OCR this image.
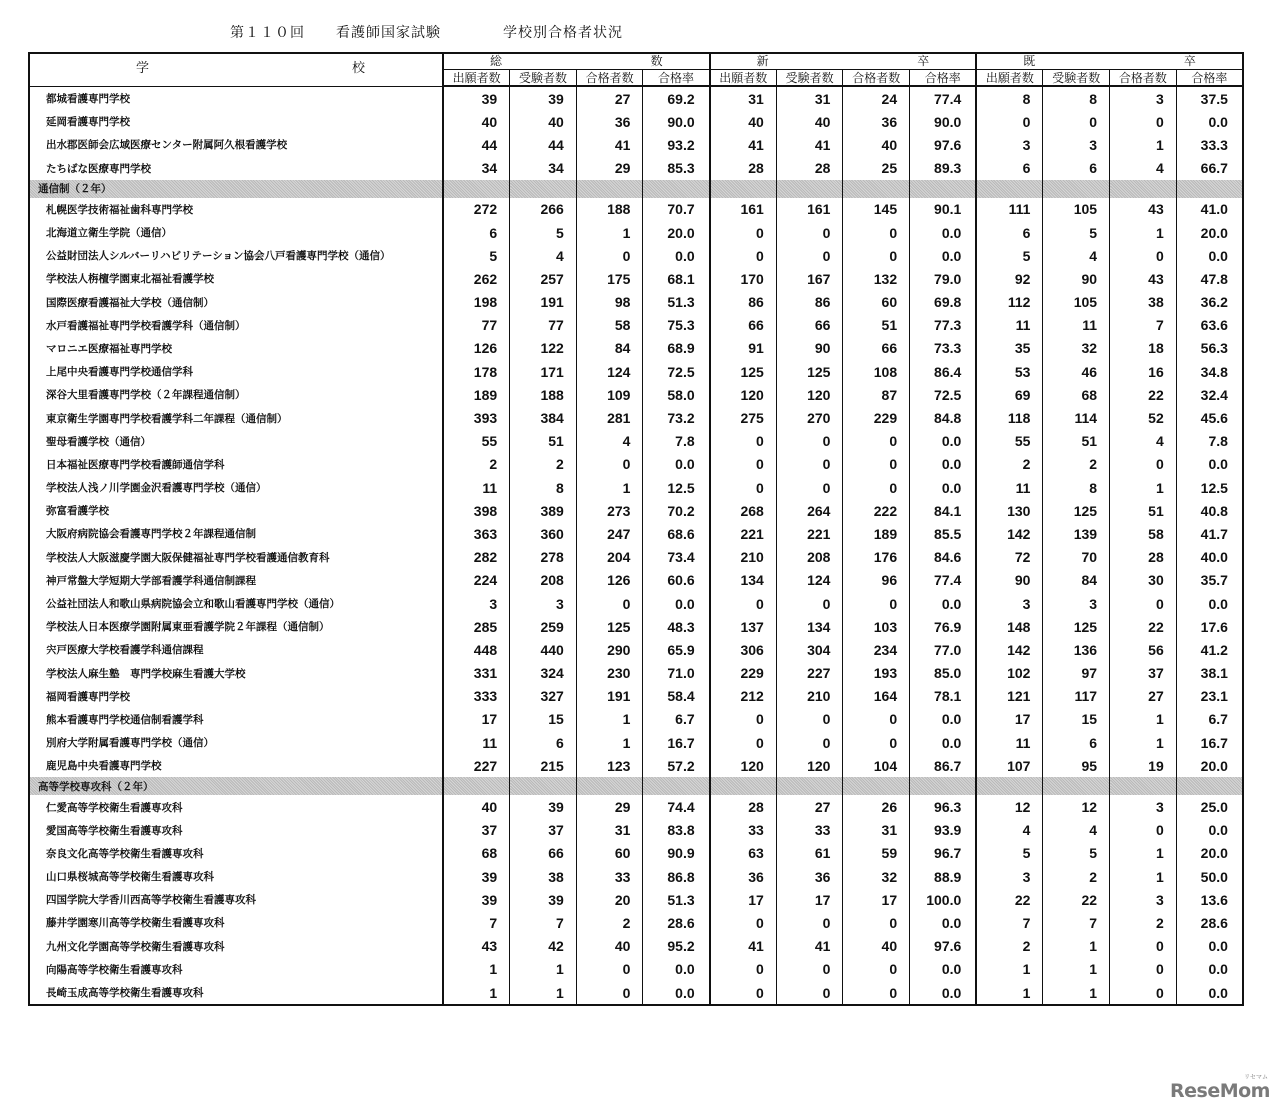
第１１０回 看護師国家試験	学校別合格者状況
学 校	総 数				新 卒				既 卒			

	出願者数	受験者数	合格者数	合格率	出願者数	受験者数	合格者数	合格率	出願者数	受験者数	合格者数	合格率
都城看護専門学校	39	39	27	69.2	31	31	24	77.4	8	8	3	37.5
延岡看護専門学校	40	40	36	90.0	40	40	36	90.0	0	0	0	0.0
出水郡医師会広域医療センター附属阿久根看護学校	44	44	41	93.2	41	41	40	97.6	3	3	1	33.3
たちばな医療専門学校	34	34	29	85.3	28	28	25	89.3	6	6	4	66.7
通信制（２年）												
札幌医学技術福祉歯科専門学校	272	266	188	70.7	161	161	145	90.1	111	105	43	41.0
北海道立衛生学院（通信）	6	5	1	20.0	0	0	0	0.0	6	5	1	20.0
公益財団法人シルバーリハビリテーション協会八戸看護専門学校（通信）	5	4	0	0.0	0	0	0	0.0	5	4	0	0.0
学校法人栴檀学園東北福祉看護学校	262	257	175	68.1	170	167	132	79.0	92	90	43	47.8
国際医療看護福祉大学校（通信制）	198	191	98	51.3	86	86	60	69.8	112	105	38	36.2
水戸看護福祉専門学校看護学科（通信制）	77	77	58	75.3	66	66	51	77.3	11	11	7	63.6
マロニエ医療福祉専門学校	126	122	84	68.9	91	90	66	73.3	35	32	18	56.3
上尾中央看護専門学校通信学科	178	171	124	72.5	125	125	108	86.4	53	46	16	34.8
深谷大里看護専門学校（２年課程通信制）	189	188	109	58.0	120	120	87	72.5	69	68	22	32.4
東京衛生学園専門学校看護学科二年課程（通信制）	393	384	281	73.2	275	270	229	84.8	118	114	52	45.6
聖母看護学校（通信）	55	51	4	7.8	0	0	0	0.0	55	51	4	7.8
日本福祉医療専門学校看護師通信学科	2	2	0	0.0	0	0	0	0.0	2	2	0	0.0
学校法人浅ノ川学園金沢看護専門学校（通信）	11	8	1	12.5	0	0	0	0.0	11	8	1	12.5
弥富看護学校	398	389	273	70.2	268	264	222	84.1	130	125	51	40.8
大阪府病院協会看護専門学校２年課程通信制	363	360	247	68.6	221	221	189	85.5	142	139	58	41.7
学校法人大阪滋慶学園大阪保健福祉専門学校看護通信教育科	282	278	204	73.4	210	208	176	84.6	72	70	28	40.0
神戸常盤大学短期大学部看護学科通信制課程	224	208	126	60.6	134	124	96	77.4	90	84	30	35.7
公益社団法人和歌山県病院協会立和歌山看護専門学校（通信）	3	3	0	0.0	0	0	0	0.0	3	3	0	0.0
学校法人日本医療学園附属東亜看護学院２年課程（通信制）	285	259	125	48.3	137	134	103	76.9	148	125	22	17.6
宍戸医療大学校看護学科通信課程	448	440	290	65.9	306	304	234	77.0	142	136	56	41.2
学校法人麻生塾　専門学校麻生看護大学校	331	324	230	71.0	229	227	193	85.0	102	97	37	38.1
福岡看護専門学校	333	327	191	58.4	212	210	164	78.1	121	117	27	23.1
熊本看護専門学校通信制看護学科	17	15	1	6.7	0	0	0	0.0	17	15	1	6.7
別府大学附属看護専門学校（通信）	11	6	1	16.7	0	0	0	0.0	11	6	1	16.7
鹿児島中央看護専門学校	227	215	123	57.2	120	120	104	86.7	107	95	19	20.0
高等学校専攻科（２年）												
仁愛高等学校衛生看護専攻科	40	39	29	74.4	28	27	26	96.3	12	12	3	25.0
愛国高等学校衛生看護専攻科	37	37	31	83.8	33	33	31	93.9	4	4	0	0.0
奈良文化高等学校衛生看護専攻科	68	66	60	90.9	63	61	59	96.7	5	5	1	20.0
山口県桜城高等学校衛生看護専攻科	39	38	33	86.8	36	36	32	88.9	3	2	1	50.0
四国学院大学香川西高等学校衛生看護専攻科	39	39	20	51.3	17	17	17	100.0	22	22	3	13.6
藤井学園寒川高等学校衛生看護専攻科	7	7	2	28.6	0	0	0	0.0	7	7	2	28.6
九州文化学園高等学校衛生看護専攻科	43	42	40	95.2	41	41	40	97.6	2	1	0	0.0
向陽高等学校衛生看護専攻科	1	1	0	0.0	0	0	0	0.0	1	1	0	0.0
長崎玉成高等学校衛生看護専攻科	1	1	0	0.0	0	0	0	0.0	1	1	0	0.0
ReseMom
リセマム
